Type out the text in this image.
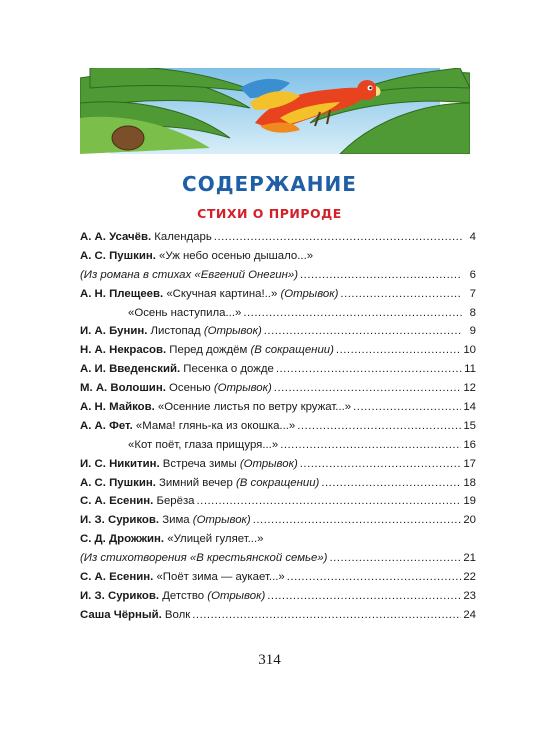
СОДЕРЖАНИЕ
СТИХИ О ПРИРОДЕ
А. А. Усачёв. Календарь .....	4
А. С. Пушкин. «Уж небо осенью дышало...»
(Из романа в стихах «Евгений Онегин») .....	6
А. Н. Плещеев. «Скучная картина!..» (Отрывок) .....	7
«Осень наступила...» .....	8
И. А. Бунин. Листопад (Отрывок) .....	9
Н. А. Некрасов. Перед дождём (В сокращении) .....	10
А. И. Введенский. Песенка о дожде .....	11
М. А. Волошин. Осенью (Отрывок) .....	12
А. Н. Майков. «Осенние листья по ветру кружат...» .....	14
А. А. Фет. «Мама! глянь-ка из окошка...» .....	15
«Кот поёт, глаза прищуря...» .....	16
И. С. Никитин. Встреча зимы (Отрывок) .....	17
А. С. Пушкин. Зимний вечер (В сокращении) .....	18
С. А. Есенин. Берёза .....	19
И. З. Суриков. Зима (Отрывок) .....	20
С. Д. Дрожжин. «Улицей гуляет...»
(Из стихотворения «В крестьянской семье») .....	21
С. А. Есенин. «Поёт зима — аукает...» .....	22
И. З. Суриков. Детство (Отрывок) .....	23
Саша Чёрный. Волк .....	24
314
